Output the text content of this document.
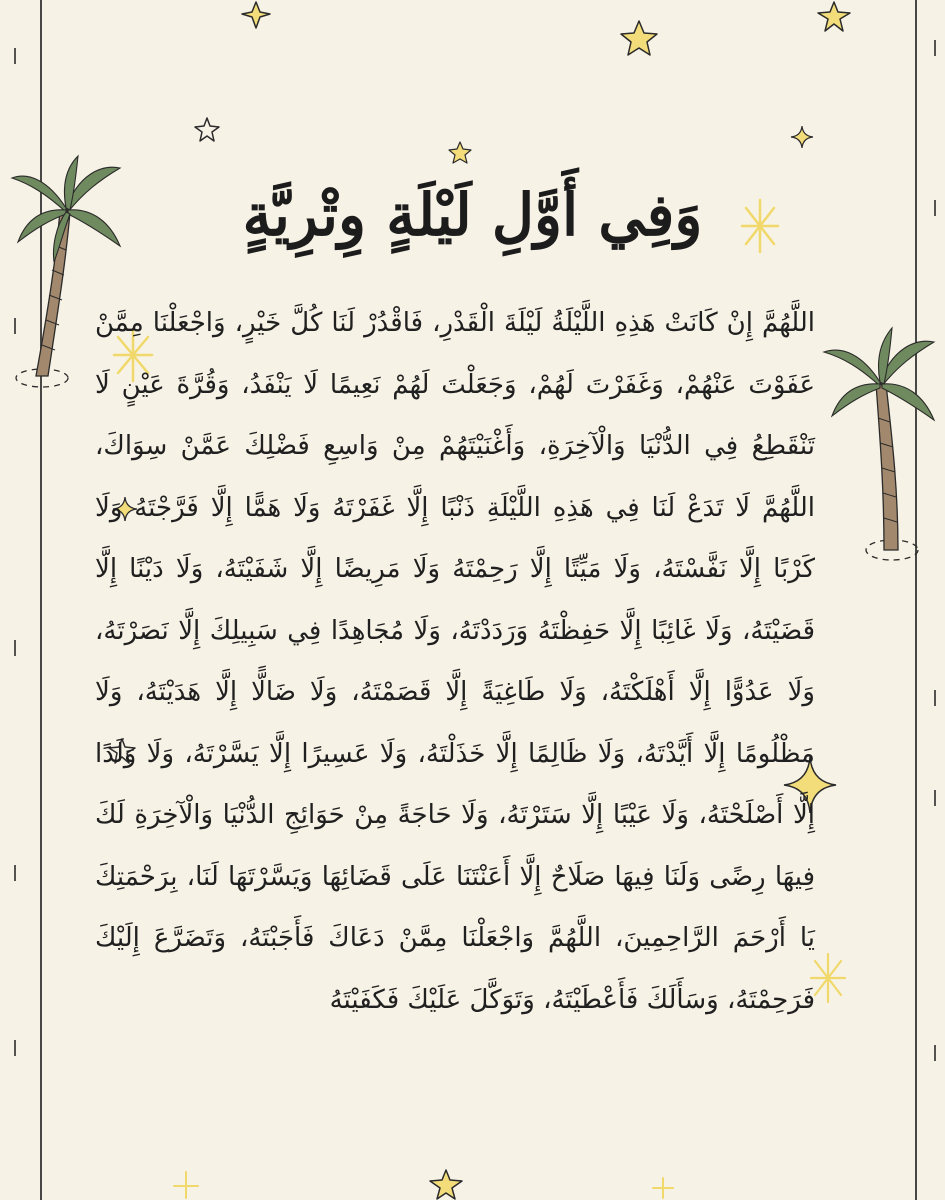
وَفِي أَوَّلِ لَيْلَةٍ وِتْرِيَّةٍ

اللَّهُمَّ إِنْ كَانَتْ هَذِهِ اللَّيْلَةُ لَيْلَةَ الْقَدْرِ، فَاقْدُرْ لَنَا كُلَّ خَيْرٍ، وَاجْعَلْنَا مِمَّنْ عَفَوْتَ عَنْهُمْ، وَغَفَرْتَ لَهُمْ، وَجَعَلْتَ لَهُمْ نَعِيمًا لَا يَنْفَدُ، وَقُرَّةَ عَيْنٍ لَا تَنْقَطِعُ فِي الدُّنْيَا وَالْآخِرَةِ، وَأَغْنَيْتَهُمْ مِنْ وَاسِعِ فَضْلِكَ عَمَّنْ سِوَاكَ، اللَّهُمَّ لَا تَدَعْ لَنَا فِي هَذِهِ اللَّيْلَةِ ذَنْبًا إِلَّا غَفَرْتَهُ وَلَا هَمًّا إِلَّا فَرَّجْتَهُ وَلَا كَرْبًا إِلَّا نَفَّسْتَهُ، وَلَا مَيِّتًا إِلَّا رَحِمْتَهُ وَلَا مَرِيضًا إِلَّا شَفَيْتَهُ، وَلَا دَيْنًا إِلَّا قَضَيْتَهُ، وَلَا غَائِبًا إِلَّا حَفِظْتَهُ وَرَدَدْتَهُ، وَلَا مُجَاهِدًا فِي سَبِيلِكَ إِلَّا نَصَرْتَهُ، وَلَا عَدُوًّا إِلَّا أَهْلَكْتَهُ، وَلَا طَاغِيَةً إِلَّا قَصَمْتَهُ، وَلَا ضَالًّا إِلَّا هَدَيْتَهُ، وَلَا مَظْلُومًا إِلَّا أَيَّدْتَهُ، وَلَا ظَالِمًا إِلَّا خَذَلْتَهُ، وَلَا عَسِيرًا إِلَّا يَسَّرْتَهُ، وَلَا وَلَدًا إِلَّا أَصْلَحْتَهُ، وَلَا عَيْبًا إِلَّا سَتَرْتَهُ، وَلَا حَاجَةً مِنْ حَوَائِجِ الدُّنْيَا وَالْآخِرَةِ لَكَ فِيهَا رِضًى وَلَنَا فِيهَا صَلَاحٌ إِلَّا أَعَنْتَنَا عَلَى قَضَائِهَا وَيَسَّرْتَهَا لَنَا، بِرَحْمَتِكَ يَا أَرْحَمَ الرَّاحِمِينَ، اللَّهُمَّ وَاجْعَلْنَا مِمَّنْ دَعَاكَ فَأَجَبْتَهُ، وَتَضَرَّعَ إِلَيْكَ فَرَحِمْتَهُ، وَسَأَلَكَ فَأَعْطَيْتَهُ، وَتَوَكَّلَ عَلَيْكَ فَكَفَيْتَهُ
